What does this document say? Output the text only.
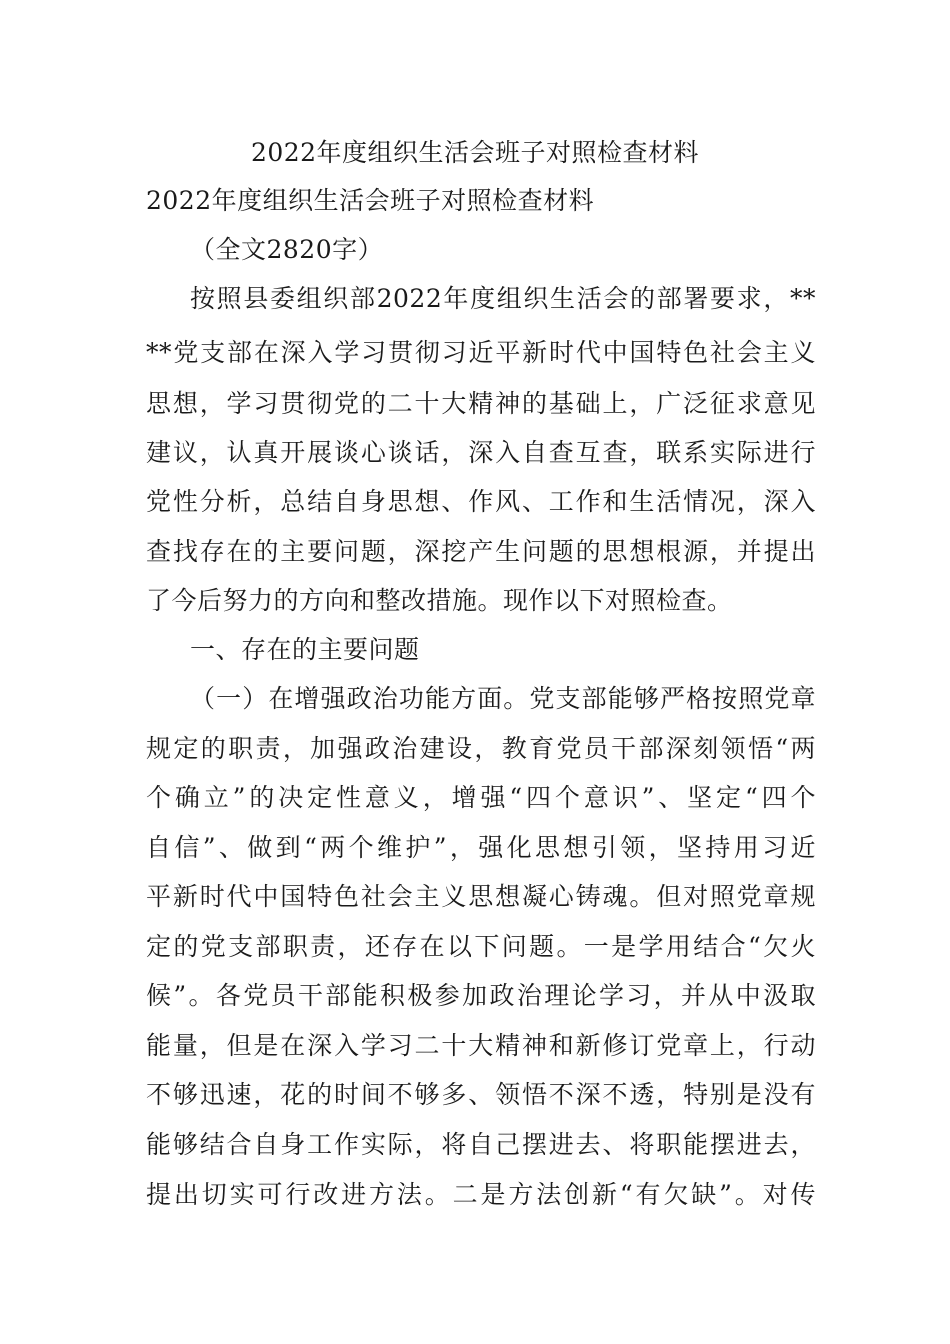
2022年度组织生活会班子对照检查材料
2022年度组织生活会班子对照检查材料
（全文2820字）
按照县委组织部2022年度组织生活会的部署要求，**
**党支部在深入学习贯彻习近平新时代中国特色社会主义
思想，学习贯彻党的二十大精神的基础上，广泛征求意见
建议，认真开展谈心谈话，深入自查互查，联系实际进行
党性分析，总结自身思想、作风、工作和生活情况，深入
查找存在的主要问题，深挖产生问题的思想根源，并提出
了今后努力的方向和整改措施。现作以下对照检查。
一、存在的主要问题
（一）在增强政治功能方面。党支部能够严格按照党章
规定的职责，加强政治建设，教育党员干部深刻领悟“两
个确立”的决定性意义，增强“四个意识”、坚定“四个
自信”、做到“两个维护”，强化思想引领，坚持用习近
平新时代中国特色社会主义思想凝心铸魂。但对照党章规
定的党支部职责，还存在以下问题。一是学用结合“欠火
候”。各党员干部能积极参加政治理论学习，并从中汲取
能量，但是在深入学习二十大精神和新修订党章上，行动
不够迅速，花的时间不够多、领悟不深不透，特别是没有
能够结合自身工作实际，将自己摆进去、将职能摆进去，
提出切实可行改进方法。二是方法创新“有欠缺”。对传
